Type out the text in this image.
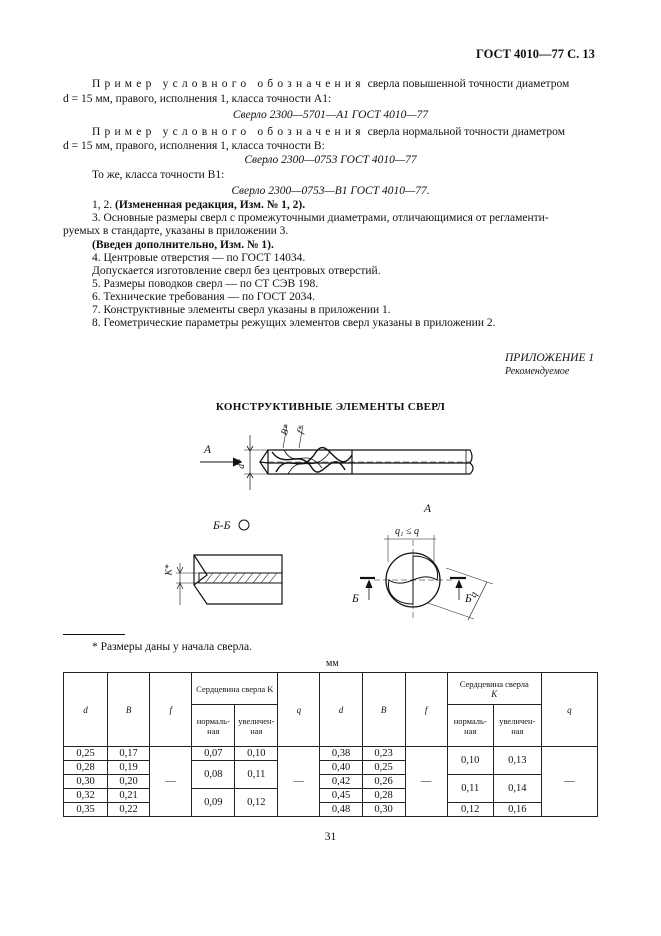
ГОСТ 4010—77 С. 13
Пример условного обозначения сверла повышенной точности диаметром
d = 15 мм, правого, исполнения 1, класса точности А1:
Сверло 2300—5701—А1 ГОСТ 4010—77
Пример условного обозначения сверла нормальной точности диаметром
d = 15 мм, правого, исполнения 1, класса точности В:
Сверло 2300—0753 ГОСТ 4010—77
То же, класса точности В1:
Сверло 2300—0753—В1 ГОСТ 4010—77.
1, 2. (Измененная редакция, Изм. № 1, 2).
3. Основные размеры сверл с промежуточными диаметрами, отличающимися от регламенти-
руемых в стандарте, указаны в приложении 3.
(Введен дополнительно, Изм. № 1).
4. Центровые отверстия — по ГОСТ 14034.
Допускается изготовление сверл без центровых отверстий.
5. Размеры поводков сверл — по СТ СЭВ 198.
6. Технические требования — по ГОСТ 2034.
7. Конструктивные элементы сверл указаны в приложении 1.
8. Геометрические параметры режущих элементов сверл указаны в приложении 2.
ПРИЛОЖЕНИЕ 1
Рекомендуемое
КОНСТРУКТИВНЫЕ ЭЛЕМЕНТЫ СВЕРЛ
A
d*
B* f*
A
Б-Б
K*
q₁ ≤ q
q
Б	Б
* Размеры даны у начала сверла.
мм
d	B	f	Сердцевина сверла K		q	d	B	f	Сердцевина сверла
K		q
			нормаль-ная	увеличен-ная					нормаль-ная	увеличен-ная	
0,25	0,17	—	0,07	0,10	—	0,38	0,23	—	0,10	0,13	—
0,28	0,19		0,08	0,11		0,40	0,25				
0,30	0,20					0,42	0,26		0,11	0,14	
0,32	0,21		0,09	0,12		0,45	0,28				
0,35	0,22					0,48	0,30		0,12	0,16	
31
